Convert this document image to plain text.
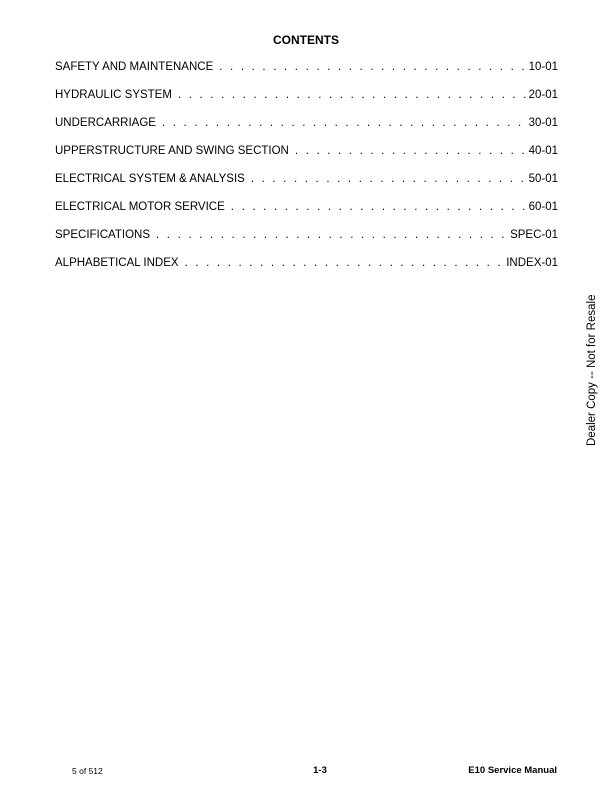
CONTENTS
SAFETY AND MAINTENANCE . . .	10-01
HYDRAULIC SYSTEM . . .	20-01
UNDERCARRIAGE . . .	30-01
UPPERSTRUCTURE AND SWING SECTION . . .	40-01
ELECTRICAL SYSTEM & ANALYSIS . . .	50-01
ELECTRICAL MOTOR SERVICE . . .	60-01
SPECIFICATIONS . . .	SPEC-01
ALPHABETICAL INDEX . . .	INDEX-01
Dealer Copy -- Not for Resale
5 of 512	1-3	E10 Service Manual
